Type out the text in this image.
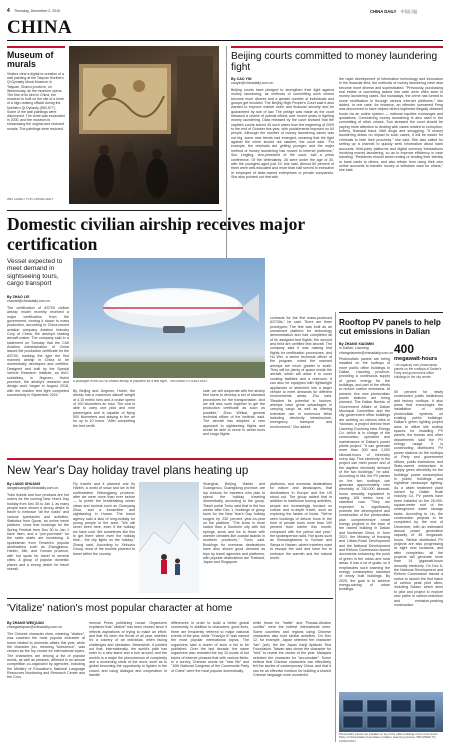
4 Thursday, December 2, 2010	CHINA DAILY 中国日报
CHINA
Museum of murals
Visitors view a digital re-creation of a wall painting at the Taiyuan Northern Qi Dynasty Mural Museum in Taiyuan, Shanxi province, on Wednesday, as the museum opens. The first of its kind in China, the museum is built on the site of a tomb of a high-ranking official during the Northern Qi Dynasty (550-577). Some of the wall paintings were discovered. The tomb was excavated in 2000, and the museum is showcasing the original and restored murals. The paintings were restored.
WEI LIANG / FOR CHINA DAILY
Beijing courts committed to money laundering fight
By CAO YIN
caoyin@chinadaily.com.cn
Beijing courts have pledged to strengthen their fight against money laundering, as methods of committing such crimes become more diverse and a greater number of individuals and groups get involved. The Beijing High People's Court said it also wanted to improve market order and financial security and be guaranteed by rule of law. The pledge was made as the court released a review of judicial efforts over recent years in fighting money laundering. Data released by the court showed that the capital's courts solved 45 such cases from the beginning of 2009 to the end of October this year, with punishments imposed on 64 people. Although the number of money laundering cases was not big, some new trends had emerged, meaning that the fight against the crime should not slacken, the court said. "For example, the criminals are getting younger, and the major method of money laundering has moved to Internet platforms," Sun Lingling, vice-president of the court, told a press conference. Of the defendants, 26 were under the age of 30, with the youngest aged just 19, she said. Almost 60 percent of them were well-educated and more than half served in executive or employee of state-owned enterprises or private companies. She also pointed out that with
the rapid development of information technology and innovation in the financial field, the methods of money laundering have also become more diverse and sophisticated. "Previously, purchasing real estate or converting assets into cash were often seen in money laundering cases. But nowadays, the crime has turned to some rectification in through various Internet platforms," she added. In one case, for instance, an offender surnamed Feng was discovered to have helped others legitimize illegally obtained funds via an online system — national equities exchanges and quotations. Considering money laundering is also used in the committing of other crimes, Sun stressed the court should be paying more attention to dealing with cases related to corruption, bribery, financial fraud, illicit drugs and smuggling. "If money laundering draws no impact to such cases, it will be easier for criminals to hide their proceeds," she said. She also called for setting up a channel to quickly seek information about bank accounts, third-party platforms and digital currency transactions involving money laundering, so as to improve efficiency in case handling. "Residents should avoid renting or lending their identity or bank cards to others, and also refrain from using their own online accounts to transfer money or withdraw cash for others," she said.
Domestic civilian airship receives major certification
Vessel expected to meet demand in sightseeing tours, cargo transport
By ZHAO LEI
zhaolei@chinadaily.com.cn
The certification of AS700 civilian airship model recently received a major certification from the government, moving it closer to mass production, according to China-owned aviation company Aviation Industry Corp of China, the airship's leading aircraft maker. The company said in a statement on Tuesday that the Civil Aviation Administration of China issued the production certificate for the AS700, marking the type the first manned airship in China to be domestically developed and certified. Designed and built by the Special Vehicle Research Institute, an AVIC subsidiary, in Jingmen, Hubei province, the airship's research and design work began in August 2018, with the maiden test fight completed successfully in September 2022.
A prototype of the AS700 civilian airship is prepared for a test flight. PROVIDED TO CHINA DAILY
By Beijing and Jingmen, Hubei, the airship has a maximum takeoff weight of 4.15 metric tons and a cruise speed of 100 kilometers an hour. The cost is able to carry one pilot and nine passengers and is capable of flying 500 kilometers and staying in the air for up to 10 hours. "After completing the test certifi-
cate, we will cooperate with the airship first users to develop a set of standard procedures for the transportation. And we will also work together to get the production certificate as soon as possible," Zhou Weikai, general technical officer of the institute, said. The aircraft has adopted a new approach to sightseeing flights and would be able to serve in aerial tours and cargo flights.
contracts for the first mass-produced AS700s," he said. There are three prototypes: The first was built as an unmanned platform for technology demonstration and had completed all of its assigned test flights; the second and third are certified test aircraft. The company said it was making test flights for certification procedures, and Hu Wei, a senior technical officer of the program, noted the manned airships are much greater in scale. They will be plenty of space inside the aircraft, which will allow it to cover cooking facilities and a restroom. It can also be equipped with lightweight appliances or stretched into a larger vehicle to meet demands for different environments areas, Zhu said. "Besides its potential in tourism, airships have great advantages in carrying cargo as well as offering extensive use in numerous fields including electricity infrastructure, emergency transport and environment," Zhu added.
Rooftop PV panels to help cut emissions in Dalian
By ZHANG XIAOMIN
in Dalian, Liaoning
zhangxiaomin@chinadaily.com.cn
Photovoltaic panels are being installed on the rooftops of more public office buildings in Dalian, Liaoning province, providing a continuous supply of green energy for the buildings, and part of the efforts to reduce carbon emissions. At present, five new photovoltaic power stations are being planned. The Dalian Bureau of Government Affairs of Dalian Municipal Committee and the city government office buildings are working on various sites in Yaoshan, a project director from Liaoning Guohong New Energy Co, which is in charge of the construction, operation and maintenance of Dalian's power plants project. "It can generate more than 300 and 1,000 kilowatt-hours of electricity every day. This electricity in the project can meet power and of the daytime electricity demand of the two buildings," he said. According to Ma, the PV panels on the two rooftops can generate approximately new electricity of 330,000 kilowatt-hours annually, equivalent to saving 108 metric tons of standard coal. "They are expected to significantly promote the development and construction of the photovoltaic plan comprehensive smart energy projects in the town of the owned building in Dalian and Northeast China. In June 2021, the Ministry of Housing and Urban-Rural Development and the National Development and Reform Commission issued documents enhancing the push of green in the urban and rural areas. It has a lot of goals, so it emphasizes such lowering the energy consumption standard of newly built buildings. By 2025, the goal is to achieve energy-saving of urban buildings.
400
megawatt-hours
The capacity from photovoltaic panels on the rooftops of Dalian's Party and government office buildings in the city center.
50 percent for newly constructed public institutions and factory rooftops. It also plans that encourages the installation of solar photovoltaic systems on existing public buildings. Dalian's green lighting project aims to utilize idle rooftop spaces for installing PV panels, the bureau and other departments said the PV energy usage. It is constructing distributed PV power stations on the rooftops of Party and government offices, public institutions, and State-owned enterprises to supply green electricity for the buildings' power consumption in public buildings and nighttime landscape lighting. As a wider treatment plant owned by Dalian Huali Industry Co, PV panels have been installed on the 25,000-square-meter roof of the underground water storage tanks. According to Liu, the construction projects to be completed by the end of December, with an estimated annual power generation capacity of 45 megawatt-hours. Similar distributed PV projects are also progressing at eight new locations, and after completion, all the projects will generate more than 14 gigawatt-hours annually electricity. On Dec 6, the National Development and Reform Commission issued a notice to launch the first batch of carbon peak pilot cities, including Dalian, which aims to pilot and project to explore new paths in carbon-reduction and emission-peaking construction.
Photovoltaic panels are installed on top of the office buildings of the Communist Party of China Dalian Committee in Dalian, Liaoning province. PROVIDED TO CHINA DAILY
New Year's Day holiday travel plans heating up
By LIANG SHUANG
liangshuang@chinadaily.com.cn
Train tickets and tour products are hot orders for the coming New Year's Day holiday from Dec 30 to Jan 1, as many people have shown a strong desire to travel to embrace "all the roads" and various spectacles and activities. Statistics from Qunar, an online travel platform, show that bookings for the Spring Festival from Dec 30 to Jan 1 have risen, and a "pre-purchase" for the sales starts are increasing. A spokesman from Tencent's popular destinations such as Zhangjiakou, Harbin, Jilin, and Yunnan province, with hot spots for travel to several cities. A group of popular domestic places and a strong desire for travel overall.
Fly travels and it planned one fly Harbin, a world of snow and ice in the northeastern Heilongjiang province, after we were more than ever before — to prefer the breathtaking winter views and tourists such as Chaoyang Zhou, and a transmitter and sightseeing in Hunan. The travel agency said a lack of long-holiday for young people in the area. "We will never been here, even if the holiday we have cold. We sometimes like this to get there when even the holiday time... the city lights on the holiday," Zhang said. According to Xinhua's Group, most of the tourists planned to travel within the country.
Shanghai, Beijing, Harbin and Guangzhou, Guangdong province, are top choices for travelers who plan to spend the holiday traveling domestically, according to the group. Travel portal Tuniu said that in the two weeks after Dec 1, bookings of group tours for the New Year's Day holiday surged by 230 percent year-on-year on the platform. "The snow is more varied than a Southern city with hot springs, snow and ice to those with warmer climates like coastal islands in southern provinces," Tuniu said. Bookings for overseas destinations have also shown good demand as trips by travel agencies and platforms, with popular destinations are Thailand, Japan and Singapore.
platforms, and overseas destinations for nature and landscapes, that destinations in Europe and the US stood out. The group added that in addition to traditional touring activities, people are increasingly focused on culture and in-depth travel, such as exploring the tastes of foods. "We've seen bookings of deluxe tours in the form of private tours more than 100 percent from earlier this month, compared with the period last year," the spokesperson said. Hot spots such as Xishuangbanna in Yunnan and Sanya in Hainan, where travelers want to escape the cold and have fun to embrace the warmth and the natural world.
'Vitalize' nation's most popular character at home
By ZHANG WEIQUAN
zhangweiquan@chinadaily.com.cn
The Chinese character zhen, meaning "vitalize", was crowned the most popular character at home related to domestic affairs this year, while the character jun, meaning "turbulence", was chosen as the top choice for international topics. The characters are among a list of popular words, as well as phrases, affirmed in an annual competition co-organized by agencies, including the Ministry of Education's National Language Resources Monitoring and Research Center and the Com-
mercial Press publishing house. Organizers explained that "vitalize" has been chosen since it reflects aspirations of trying to make an effort, and that it's been the thrust of all year, whether it's a country of an individual, when facing challenges and obstacles. Meanwhile, it pointed out that, internationally, the world's path has enter to a new stand and a turn around, and the world's is a major the phenomenon of complexity and a worsening crisis of the word, such as to global becoming the opportunity to lighten in the crowd, and using dialogue and cooperation to handle
differences in order to build a better global community. In addition to characters, good lines, there are frequently referred to major national events of the year, while "Chang'e-6" was named the most popular international topics. The organizers said a dozen of such a list to be published. Over the last decade, the same organizers also revealed the top 10 words of hot topics of internet phrases that with various fields. In a survey, Chinese words for "new life" and "10th National Congress of the Communist Party of China" were the most popular domestically,
while those for "battle" and "Russia-Ukraine conflict" were the hottest international ones. Some countries and regions using Chinese characters also hold similar activities. On Dec 12, for example, Japan selected the character "tax" (zei), the the Japan Kanji Aptitude Test Foundation. Taiwan also chose the character for "bird" to reveal the choice of the year. Malaysia selected the character for "accumulate". Some believe that Chinese characters can effectively tell the stories of contemporary China, and that it can be an effective medium for building a shared Chinese language more wonderful.
